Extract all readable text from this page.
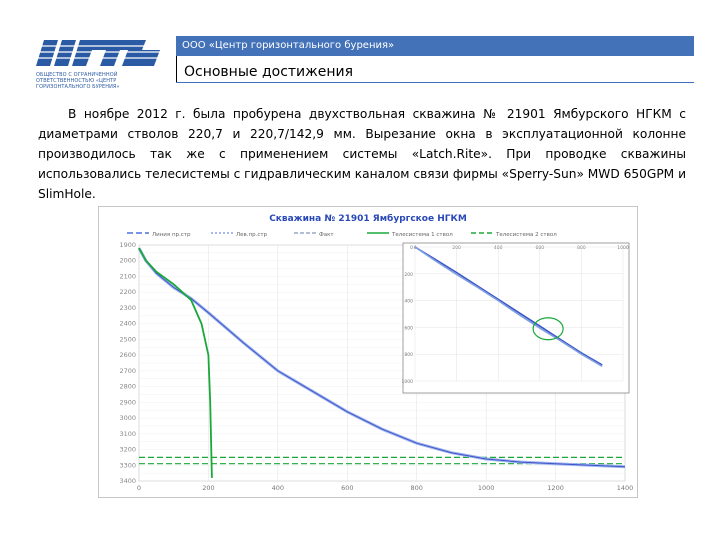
ОБЩЕСТВО С ОГРАНИЧЕННОЙ ОТВЕТСТВЕННОСТЬЮ «ЦЕНТР ГОРИЗОНТАЛЬНОГО БУРЕНИЯ»
ООО «Центр горизонтального бурения»
Основные достижения
В ноябре 2012 г. была пробурена двухствольная скважина № 21901 Ямбурского НГКМ с диаметрами стволов 220,7 и 220,7/142,9 мм. Вырезание окна в эксплуатационной колонне производилось так же с применением системы «Latch.Rite». При проводке скважины использовались телесистемы с гидравлическим каналом связи фирмы «Sperry-Sun» MWD 650GPM и SlimHole.
Скважина № 21901 Ямбургское НГКМ
Линия пр.стр	Лев.пр.стр	Факт	Телесистема 1 ствол	Телесистема 2 ствол
0	200	400	600	800	1000	1200	1400
1900
2000
2100
2200
2300
2400
2500
2600
2700
2800
2900
3000
3100
3200
3300
3400
0	200	400	600	800	1000
0
200
400
600
800
1000
